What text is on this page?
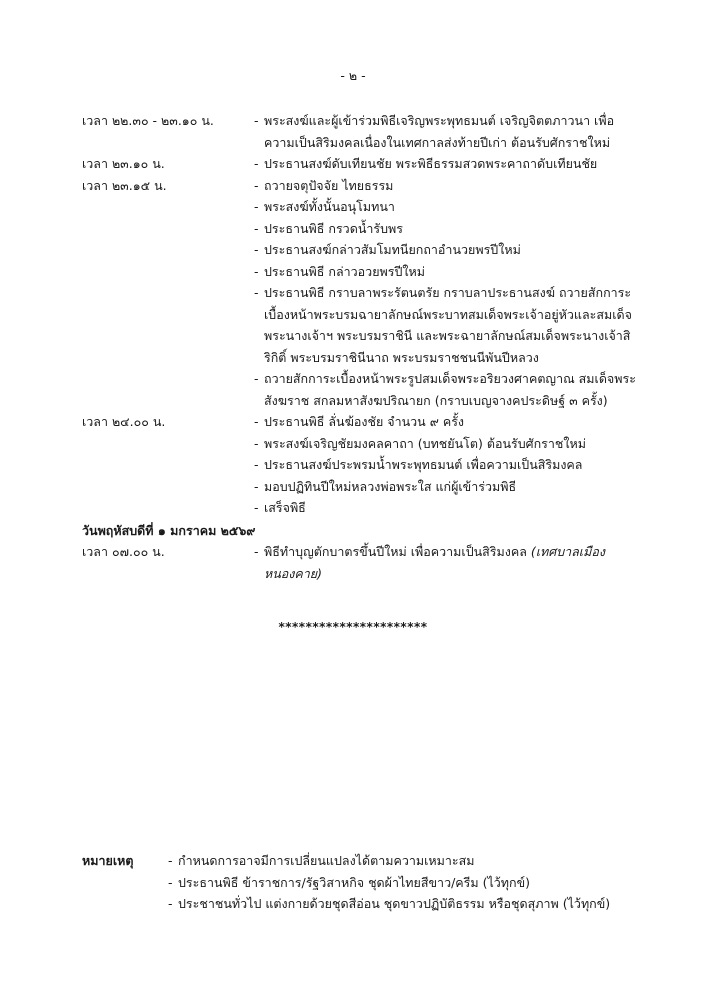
- ๒ -
เวลา ๒๒.๓๐ - ๒๓.๑๐ น.	- พระสงฆ์และผู้เข้าร่วมพิธีเจริญพระพุทธมนต์ เจริญจิตตภาวนา เพื่อความเป็นสิริมงคลเนื่องในเทศกาลส่งท้ายปีเก่า ต้อนรับศักราชใหม่
เวลา ๒๓.๑๐ น.	- ประธานสงฆ์ดับเทียนชัย พระพิธีธรรมสวดพระคาถาดับเทียนชัย
เวลา ๒๓.๑๕ น.	- ถวายจตุปัจจัย ไทยธรรม
- พระสงฆ์ทั้งนั้นอนุโมทนา
- ประธานพิธี กรวดน้ำรับพร
- ประธานสงฆ์กล่าวสัมโมทนียกถาอำนวยพรปีใหม่
- ประธานพิธี กล่าวอวยพรปีใหม่
- ประธานพิธี กราบลาพระรัตนตรัย กราบลาประธานสงฆ์ ถวายสักการะเบื้องหน้าพระบรมฉายาลักษณ์พระบาทสมเด็จพระเจ้าอยู่หัวและสมเด็จพระนางเจ้าฯ พระบรมราชินี และพระฉายาลักษณ์สมเด็จพระนางเจ้าสิริกิติ์ พระบรมราชินีนาถ พระบรมราชชนนีพันปีหลวง
- ถวายสักการะเบื้องหน้าพระรูปสมเด็จพระอริยวงศาคตญาณ สมเด็จพระสังฆราช สกลมหาสังฆปริณายก (กราบเบญจางคประดิษฐ์ ๓ ครั้ง)
เวลา ๒๔.๐๐ น.	- ประธานพิธี ลั่นฆ้องชัย จำนวน ๙ ครั้ง
- พระสงฆ์เจริญชัยมงคลคาถา (บทชยันโต) ต้อนรับศักราชใหม่
- ประธานสงฆ์ประพรมน้ำพระพุทธมนต์ เพื่อความเป็นสิริมงคล
- มอบปฏิทินปีใหม่หลวงพ่อพระใส แก่ผู้เข้าร่วมพิธี
- เสร็จพิธี
วันพฤหัสบดีที่ ๑ มกราคม ๒๕๖๙
เวลา ๐๗.๐๐ น.	- พิธีทำบุญตักบาตรขึ้นปีใหม่ เพื่อความเป็นสิริมงคล (เทศบาลเมืองหนองคาย)
**********************
หมายเหตุ	- กำหนดการอาจมีการเปลี่ยนแปลงได้ตามความเหมาะสม
- ประธานพิธี ข้าราชการ/รัฐวิสาหกิจ ชุดผ้าไทยสีขาว/ครีม (ไว้ทุกข์)
- ประชาชนทั่วไป แต่งกายด้วยชุดสีอ่อน ชุดขาวปฏิบัติธรรม หรือชุดสุภาพ (ไว้ทุกข์)
